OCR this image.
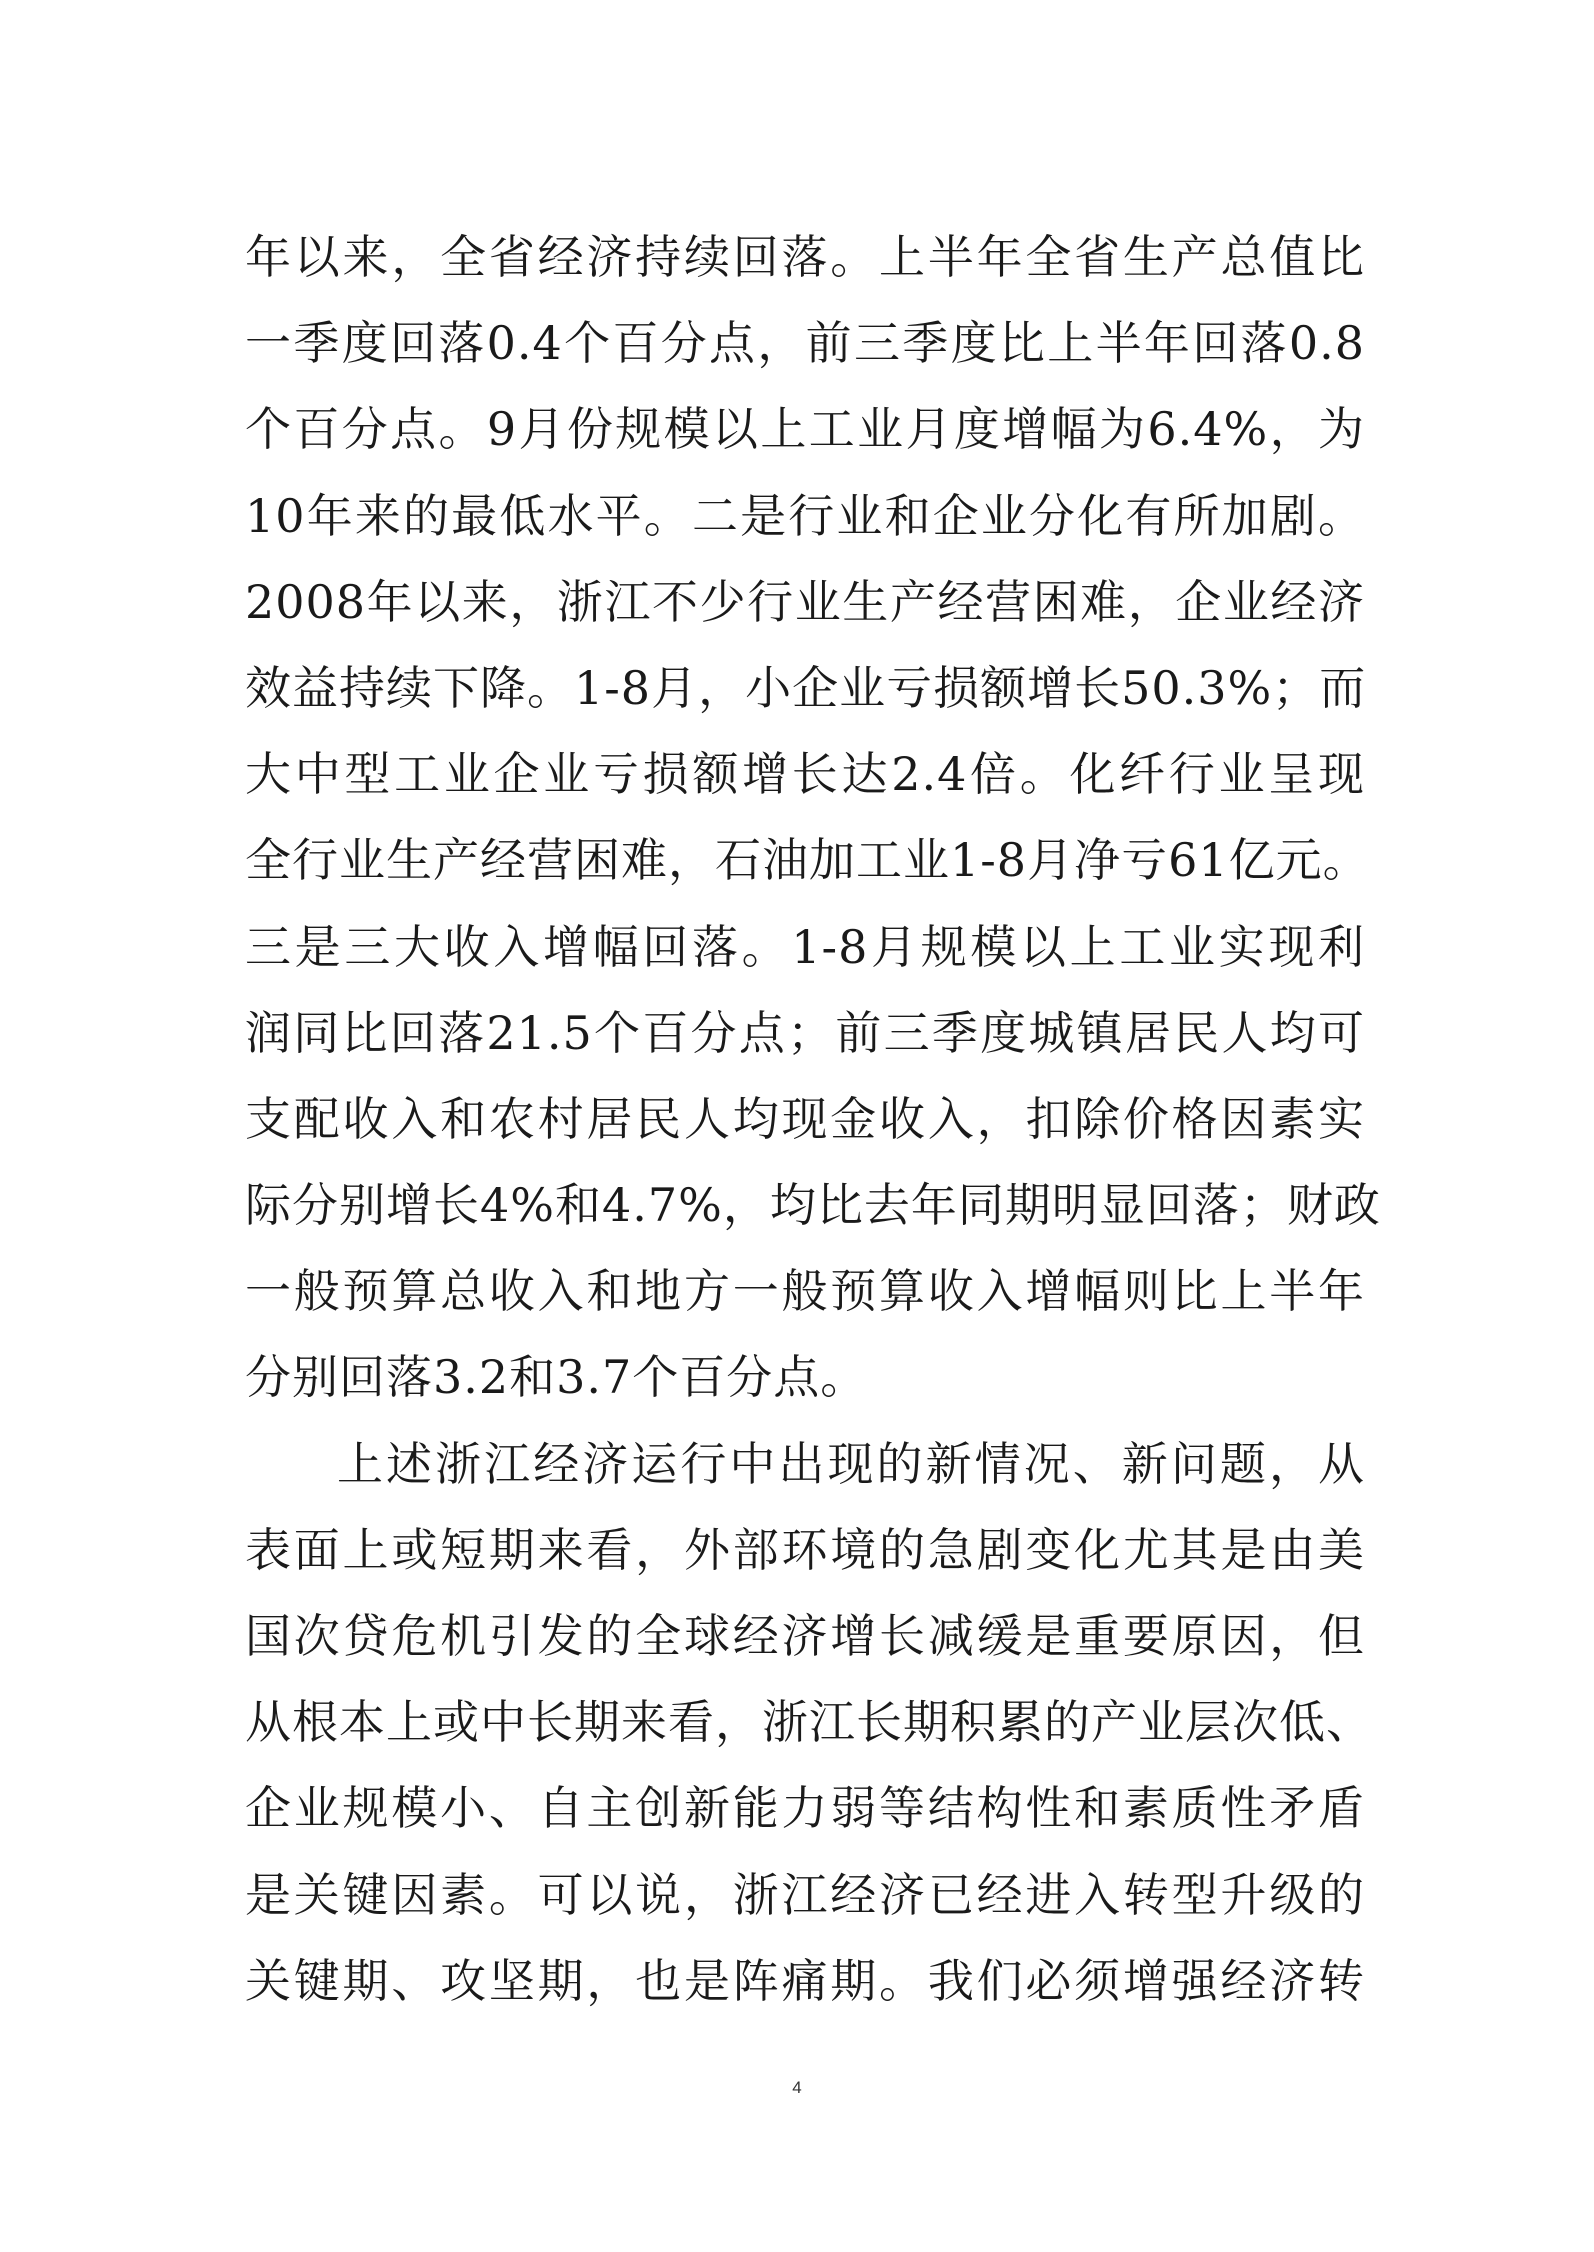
年以来，全省经济持续回落。上半年全省生产总值比
一季度回落0.4个百分点，前三季度比上半年回落0.8
个百分点。9月份规模以上工业月度增幅为6.4%，为
10年来的最低水平。二是行业和企业分化有所加剧。
2008年以来，浙江不少行业生产经营困难，企业经济
效益持续下降。1-8月，小企业亏损额增长50.3%；而
大中型工业企业亏损额增长达2.4倍。化纤行业呈现
全行业生产经营困难，石油加工业1-8月净亏61亿元。
三是三大收入增幅回落。1-8月规模以上工业实现利
润同比回落21.5个百分点；前三季度城镇居民人均可
支配收入和农村居民人均现金收入，扣除价格因素实
际分别增长4%和4.7%，均比去年同期明显回落；财政
一般预算总收入和地方一般预算收入增幅则比上半年
分别回落3.2和3.7个百分点。
上述浙江经济运行中出现的新情况、新问题，从
表面上或短期来看，外部环境的急剧变化尤其是由美
国次贷危机引发的全球经济增长减缓是重要原因，但
从根本上或中长期来看，浙江长期积累的产业层次低、
企业规模小、自主创新能力弱等结构性和素质性矛盾
是关键因素。可以说，浙江经济已经进入转型升级的
关键期、攻坚期，也是阵痛期。我们必须增强经济转
4
